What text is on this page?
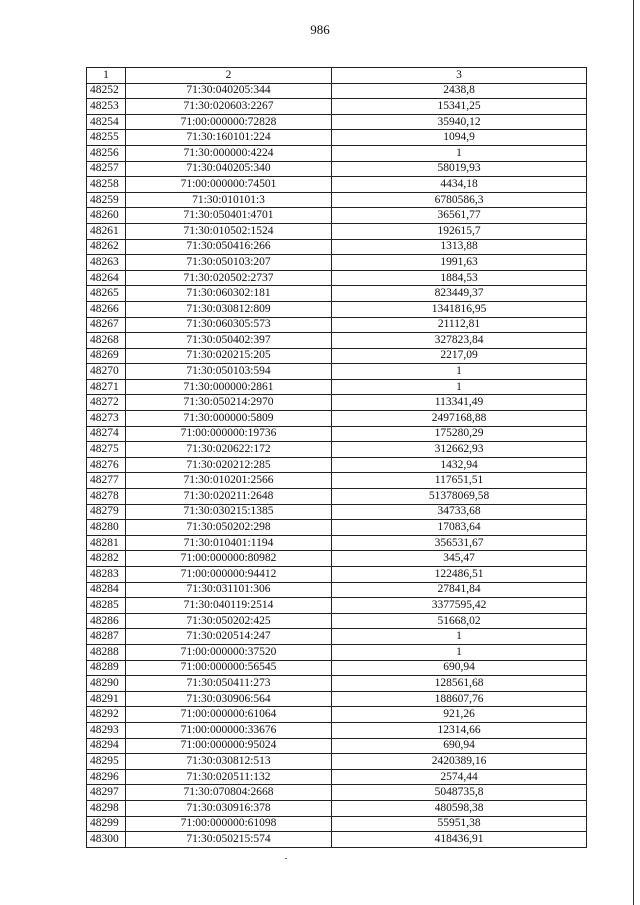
986
1	2	3
48252	71:30:040205:344	2438,8
48253	71:30:020603:2267	15341,25
48254	71:00:000000:72828	35940,12
48255	71:30:160101:224	1094,9
48256	71:30:000000:4224	1
48257	71:30:040205:340	58019,93
48258	71:00:000000:74501	4434,18
48259	71:30:010101:3	6780586,3
48260	71:30:050401:4701	36561,77
48261	71:30:010502:1524	192615,7
48262	71:30:050416:266	1313,88
48263	71:30:050103:207	1991,63
48264	71:30:020502:2737	1884,53
48265	71:30:060302:181	823449,37
48266	71:30:030812:809	1341816,95
48267	71:30:060305:573	21112,81
48268	71:30:050402:397	327823,84
48269	71:30:020215:205	2217,09
48270	71:30:050103:594	1
48271	71:30:000000:2861	1
48272	71:30:050214:2970	113341,49
48273	71:30:000000:5809	2497168,88
48274	71:00:000000:19736	175280,29
48275	71:30:020622:172	312662,93
48276	71:30:020212:285	1432,94
48277	71:30:010201:2566	117651,51
48278	71:30:020211:2648	51378069,58
48279	71:30:030215:1385	34733,68
48280	71:30:050202:298	17083,64
48281	71:30:010401:1194	356531,67
48282	71:00:000000:80982	345,47
48283	71:00:000000:94412	122486,51
48284	71:30:031101:306	27841,84
48285	71:30:040119:2514	3377595,42
48286	71:30:050202:425	51668,02
48287	71:30:020514:247	1
48288	71:00:000000:37520	1
48289	71:00:000000:56545	690,94
48290	71:30:050411:273	128561,68
48291	71:30:030906:564	188607,76
48292	71:00:000000:61064	921,26
48293	71:00:000000:33676	12314,66
48294	71:00:000000:95024	690,94
48295	71:30:030812:513	2420389,16
48296	71:30:020511:132	2574,44
48297	71:30:070804:2668	5048735,8
48298	71:30:030916:378	480598,38
48299	71:00:000000:61098	55951,38
48300	71:30:050215:574	418436,91
